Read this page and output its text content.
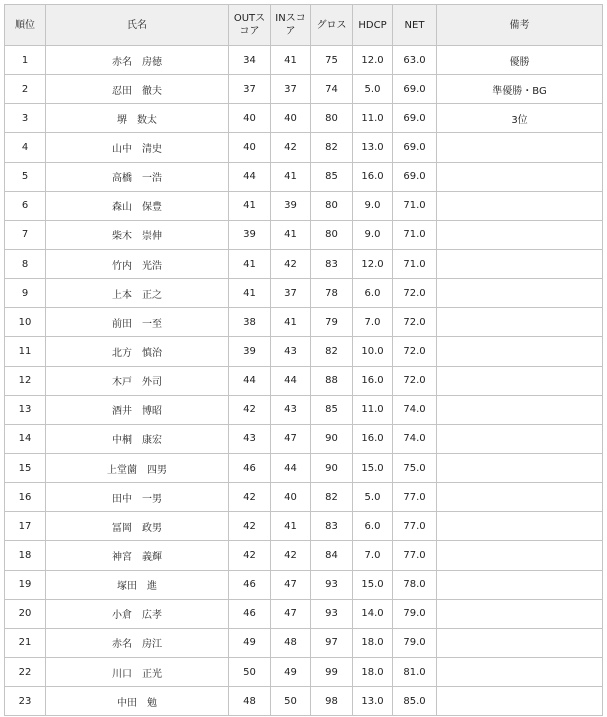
順位	氏名	OUTスコア	INスコア	グロス	HDCP	NET	備考
1	赤名　房徳	34	41	75	12.0	63.0	優勝
2	忍田　徹夫	37	37	74	5.0	69.0	準優勝・BG
3	堺　数太	40	40	80	11.0	69.0	3位
4	山中　清史	40	42	82	13.0	69.0	
5	高橋　一浩	44	41	85	16.0	69.0	
6	森山　保豊	41	39	80	9.0	71.0	
7	柴木　崇伸	39	41	80	9.0	71.0	
8	竹内　光浩	41	42	83	12.0	71.0	
9	上本　正之	41	37	78	6.0	72.0	
10	前田　一至	38	41	79	7.0	72.0	
11	北方　慎治	39	43	82	10.0	72.0	
12	木戸　外司	44	44	88	16.0	72.0	
13	酒井　博昭	42	43	85	11.0	74.0	
14	中桐　康宏	43	47	90	16.0	74.0	
15	上堂薗　四男	46	44	90	15.0	75.0	
16	田中　一男	42	40	82	5.0	77.0	
17	冨岡　政男	42	41	83	6.0	77.0	
18	神宮　義輝	42	42	84	7.0	77.0	
19	塚田　進	46	47	93	15.0	78.0	
20	小倉　広孝	46	47	93	14.0	79.0	
21	赤名　房江	49	48	97	18.0	79.0	
22	川口　正光	50	49	99	18.0	81.0	
23	中田　勉	48	50	98	13.0	85.0	
